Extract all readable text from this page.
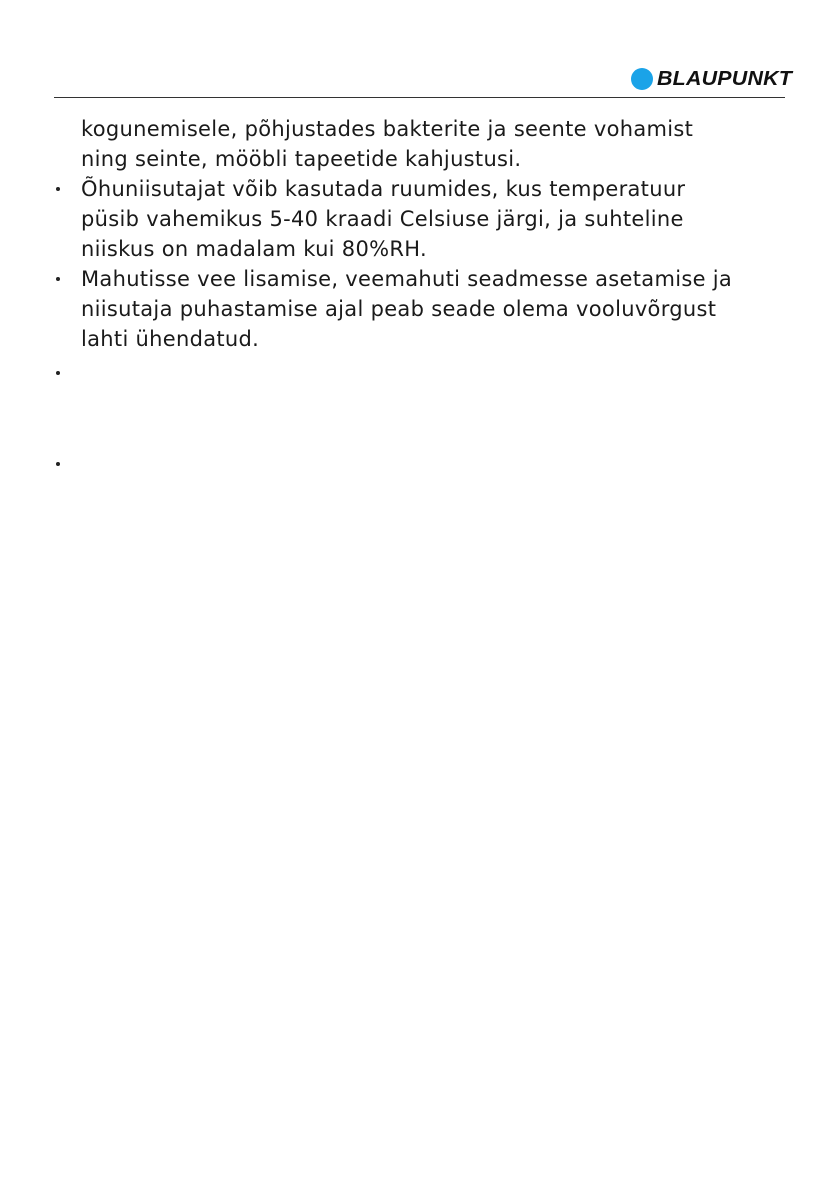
BLAUPUNKT
kogunemisele, põhjustades bakterite ja seente vohamist
ning seinte, mööbli tapeetide kahjustusi.
Õhuniisutajat võib kasutada ruumides, kus temperatuur
püsib vahemikus 5-40 kraadi Celsiuse järgi, ja suhteline
niiskus on madalam kui 80%RH.
Mahutisse vee lisamise, veemahuti seadmesse asetamise ja
niisutaja puhastamise ajal peab seade olema vooluvõrgust
lahti ühendatud.
